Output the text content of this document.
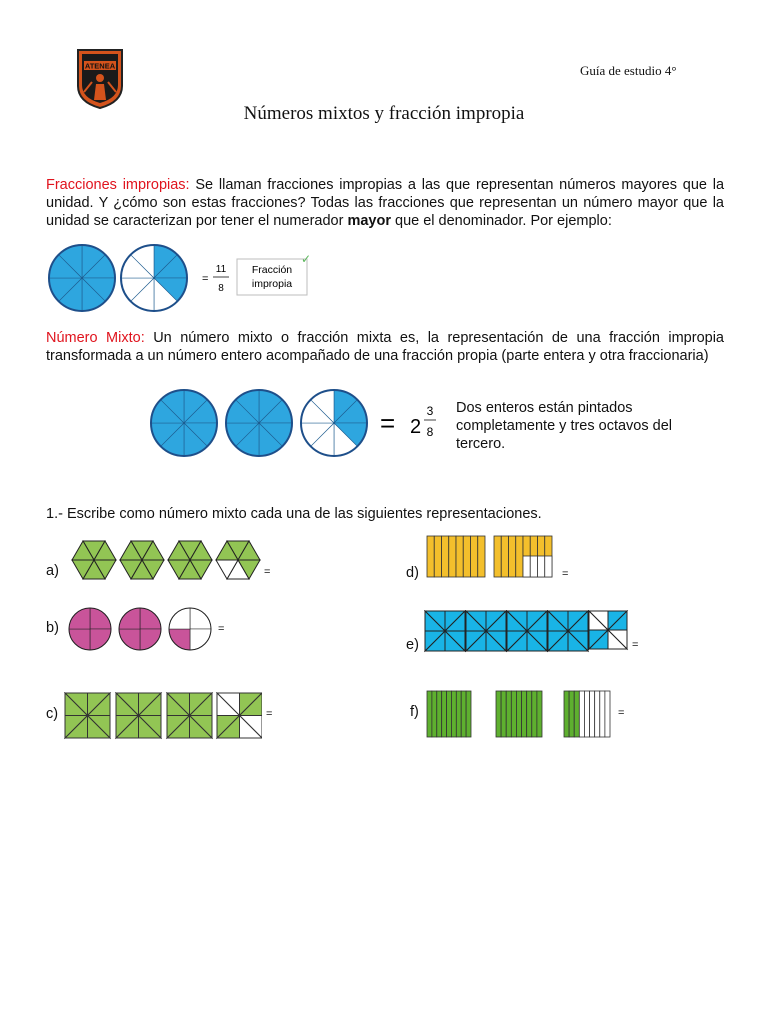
ATENEA	Guía de estudio 4°
Números mixtos y fracción impropia
Fracciones impropias: Se llaman fracciones impropias a las que representan números mayores que la unidad. Y ¿cómo son estas fracciones? Todas las fracciones que representan un número mayor que la unidad se caracterizan por tener el numerador mayor que el denominador. Por ejemplo:
=
11
8
Fracción
impropia
✓
Número Mixto: Un número mixto o fracción mixta es, la representación de una fracción impropia transformada a un número entero acompañado de una fracción propia (parte entera y otra fraccionaria)
= 2
3
8
Dos enteros están pintados completamente y tres octavos del tercero.
1.- Escribe como número mixto cada una de las siguientes representaciones.
a)	=
b)	=
c)	=
d)	=
e)	=
f)	=
